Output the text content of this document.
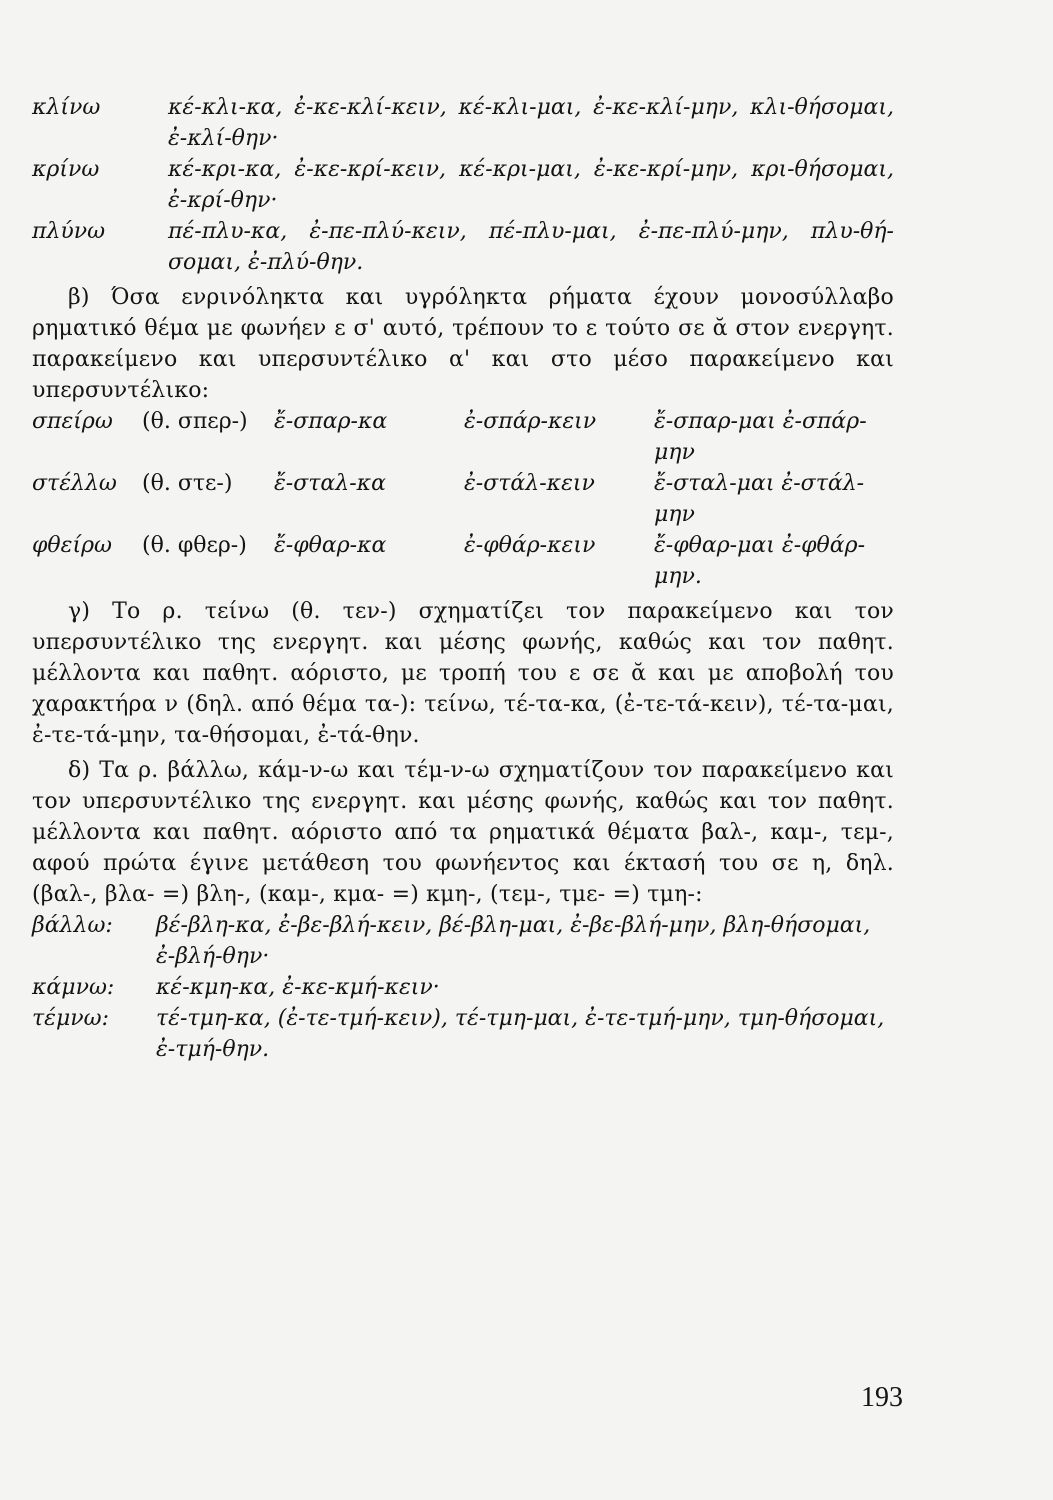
κλίνω	κέ-κλι-κα, ἐ-κε-κλί-κειν, κέ-κλι-μαι, ἐ-κε-κλί-μην, κλι-θήσομαι, ἐ-κλί-θην·
κρίνω	κέ-κρι-κα, ἐ-κε-κρί-κειν, κέ-κρι-μαι, ἐ-κε-κρί-μην, κρι-θήσομαι, ἐ-κρί-θην·
πλύνω	πέ-πλυ-κα, ἐ-πε-πλύ-κειν, πέ-πλυ-μαι, ἐ-πε-πλύ-μην, πλυ-θή-σομαι, ἐ-πλύ-θην.

β) Όσα ενρινόληκτα και υγρόληκτα ρήματα έχουν μονοσύλλαβο ρηματικό θέμα με φωνήεν ε σ' αυτό, τρέπουν το ε τούτο σε ᾰ στον ενεργητ. παρακείμενο και υπερσυντέλικο α' και στο μέσο παρακείμενο και υπερσυντέλικο:

σπείρω	(θ. σπερ-)	ἔ-σπαρ-κα	ἐ-σπάρ-κειν	ἔ-σπαρ-μαι ἐ-σπάρ-μην
στέλλω	(θ. στε-)	ἔ-σταλ-κα	ἐ-στάλ-κειν	ἔ-σταλ-μαι ἐ-στάλ-μην
φθείρω	(θ. φθερ-)	ἔ-φθαρ-κα	ἐ-φθάρ-κειν	ἔ-φθαρ-μαι ἐ-φθάρ-μην.

γ) Το ρ. τείνω (θ. τεν-) σχηματίζει τον παρακείμενο και τον υπερσυντέλικο της ενεργητ. και μέσης φωνής, καθώς και τον παθητ. μέλλοντα και παθητ. αόριστο, με τροπή του ε σε ᾰ και με αποβολή του χαρακτήρα ν (δηλ. από θέμα τα-): τείνω, τέ-τα-κα, (ἐ-τε-τά-κειν), τέ-τα-μαι, ἐ-τε-τά-μην, τα-θήσομαι, ἐ-τά-θην.

δ) Τα ρ. βάλλω, κάμ-ν-ω και τέμ-ν-ω σχηματίζουν τον παρακείμενο και τον υπερσυντέλικο της ενεργητ. και μέσης φωνής, καθώς και τον παθητ. μέλλοντα και παθητ. αόριστο από τα ρηματικά θέματα βαλ-, καμ-, τεμ-, αφού πρώτα έγινε μετάθεση του φωνήεντος και έκτασή του σε η, δηλ. (βαλ-, βλα- =) βλη-, (καμ-, κμα- =) κμη-, (τεμ-, τμε- =) τμη-:

βάλλω:	βέ-βλη-κα, ἐ-βε-βλή-κειν, βέ-βλη-μαι, ἐ-βε-βλή-μην, βλη-θήσομαι, ἐ-βλή-θην·
κάμνω:	κέ-κμη-κα, ἐ-κε-κμή-κειν·
τέμνω:	τέ-τμη-κα, (ἐ-τε-τμή-κειν), τέ-τμη-μαι, ἐ-τε-τμή-μην, τμη-θήσομαι, ἐ-τμή-θην.
193
